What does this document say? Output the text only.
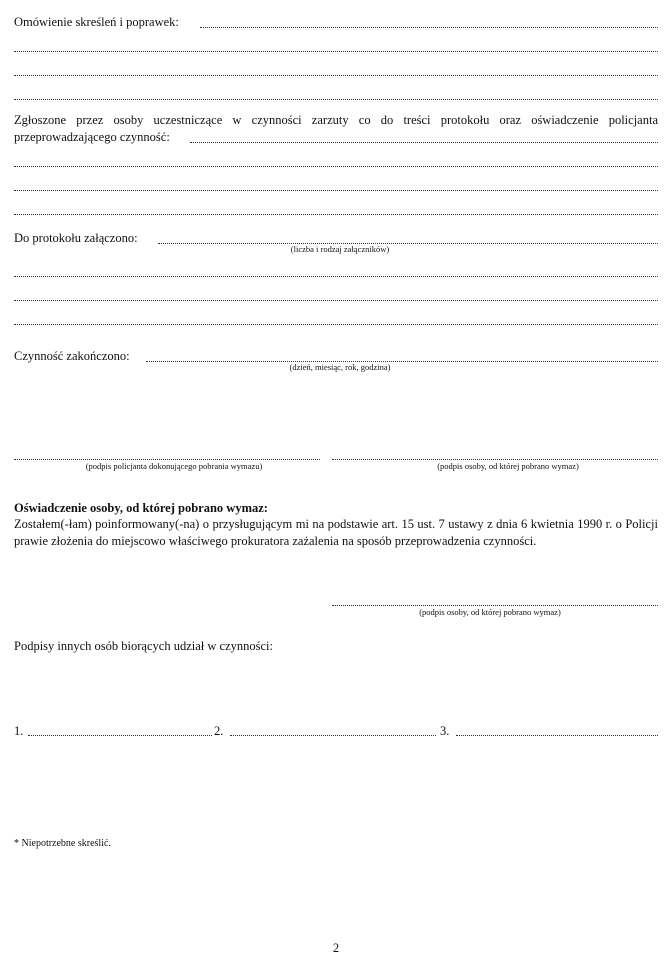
Omówienie skreśleń i poprawek:
Zgłoszone przez osoby uczestniczące w czynności zarzuty co do treści protokołu oraz oświadczenie policjanta
przeprowadzającego czynność:
Do protokołu załączono:
(liczba i rodzaj załączników)
Czynność zakończono:
(dzień, miesiąc, rok, godzina)
(podpis policjanta dokonującego pobrania wymazu)	(podpis osoby, od której pobrano wymaz)
Oświadczenie osoby, od której pobrano wymaz:
Zostałem(-łam) poinformowany(-na) o przysługującym mi na podstawie art. 15 ust. 7 ustawy z dnia 6 kwietnia 1990 r. o Policji prawie złożenia do miejscowo właściwego prokuratora zażalenia na sposób przeprowadzenia czynności.
(podpis osoby, od której pobrano wymaz)
Podpisy innych osób biorących udział w czynności:
1.	2.	3.
* Niepotrzebne skreślić.
2
